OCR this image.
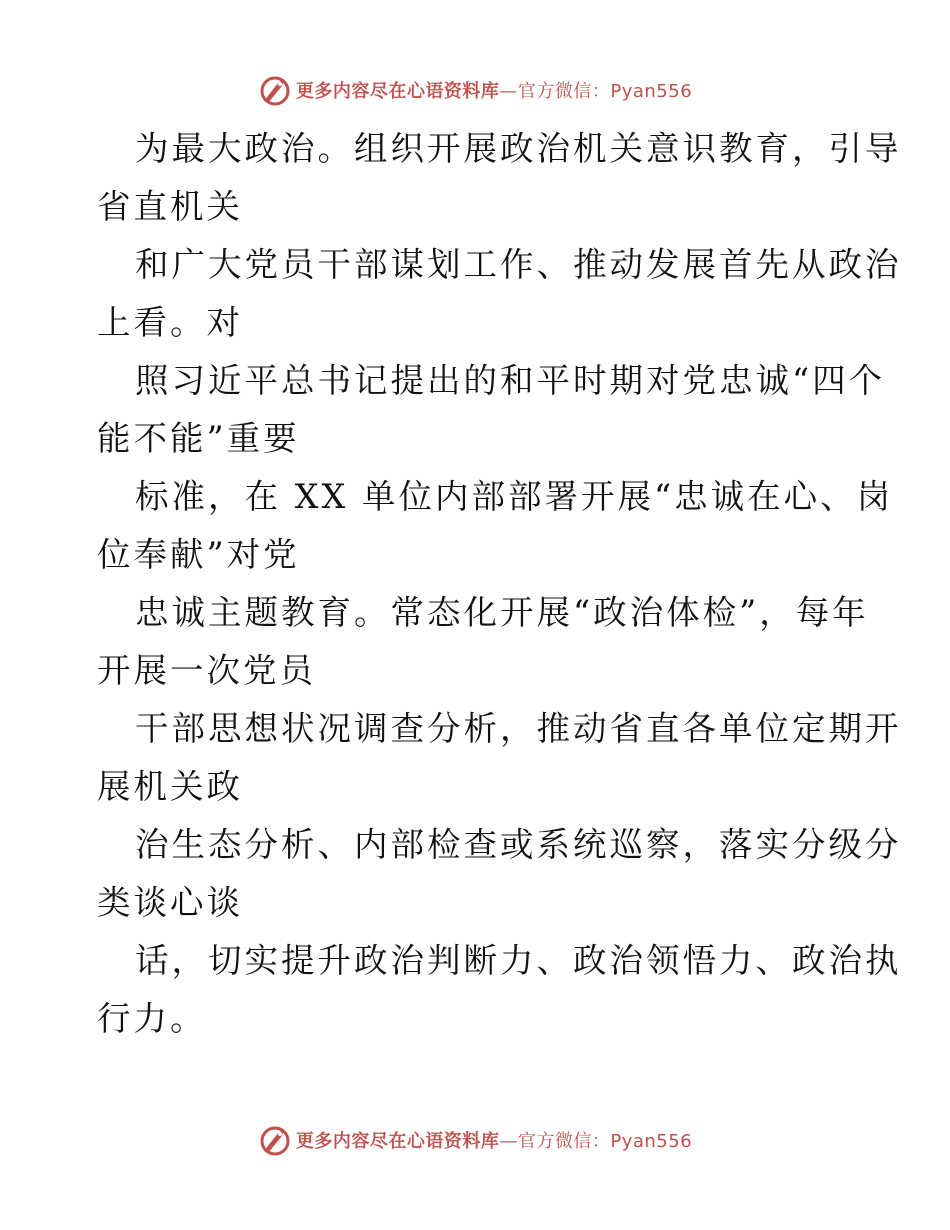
更多内容尽在心语资料库—官方微信：Pyan556
为最大政治。组织开展政治机关意识教育，引导
省直机关
和广大党员干部谋划工作、推动发展首先从政治
上看。对
照习近平总书记提出的和平时期对党忠诚“四个
能不能”重要
标准，在 XX 单位内部部署开展“忠诚在心、岗
位奉献”对党
忠诚主题教育。常态化开展“政治体检”，每年
开展一次党员
干部思想状况调查分析，推动省直各单位定期开
展机关政
治生态分析、内部检查或系统巡察，落实分级分
类谈心谈
话，切实提升政治判断力、政治领悟力、政治执
行力。
更多内容尽在心语资料库—官方微信：Pyan556
